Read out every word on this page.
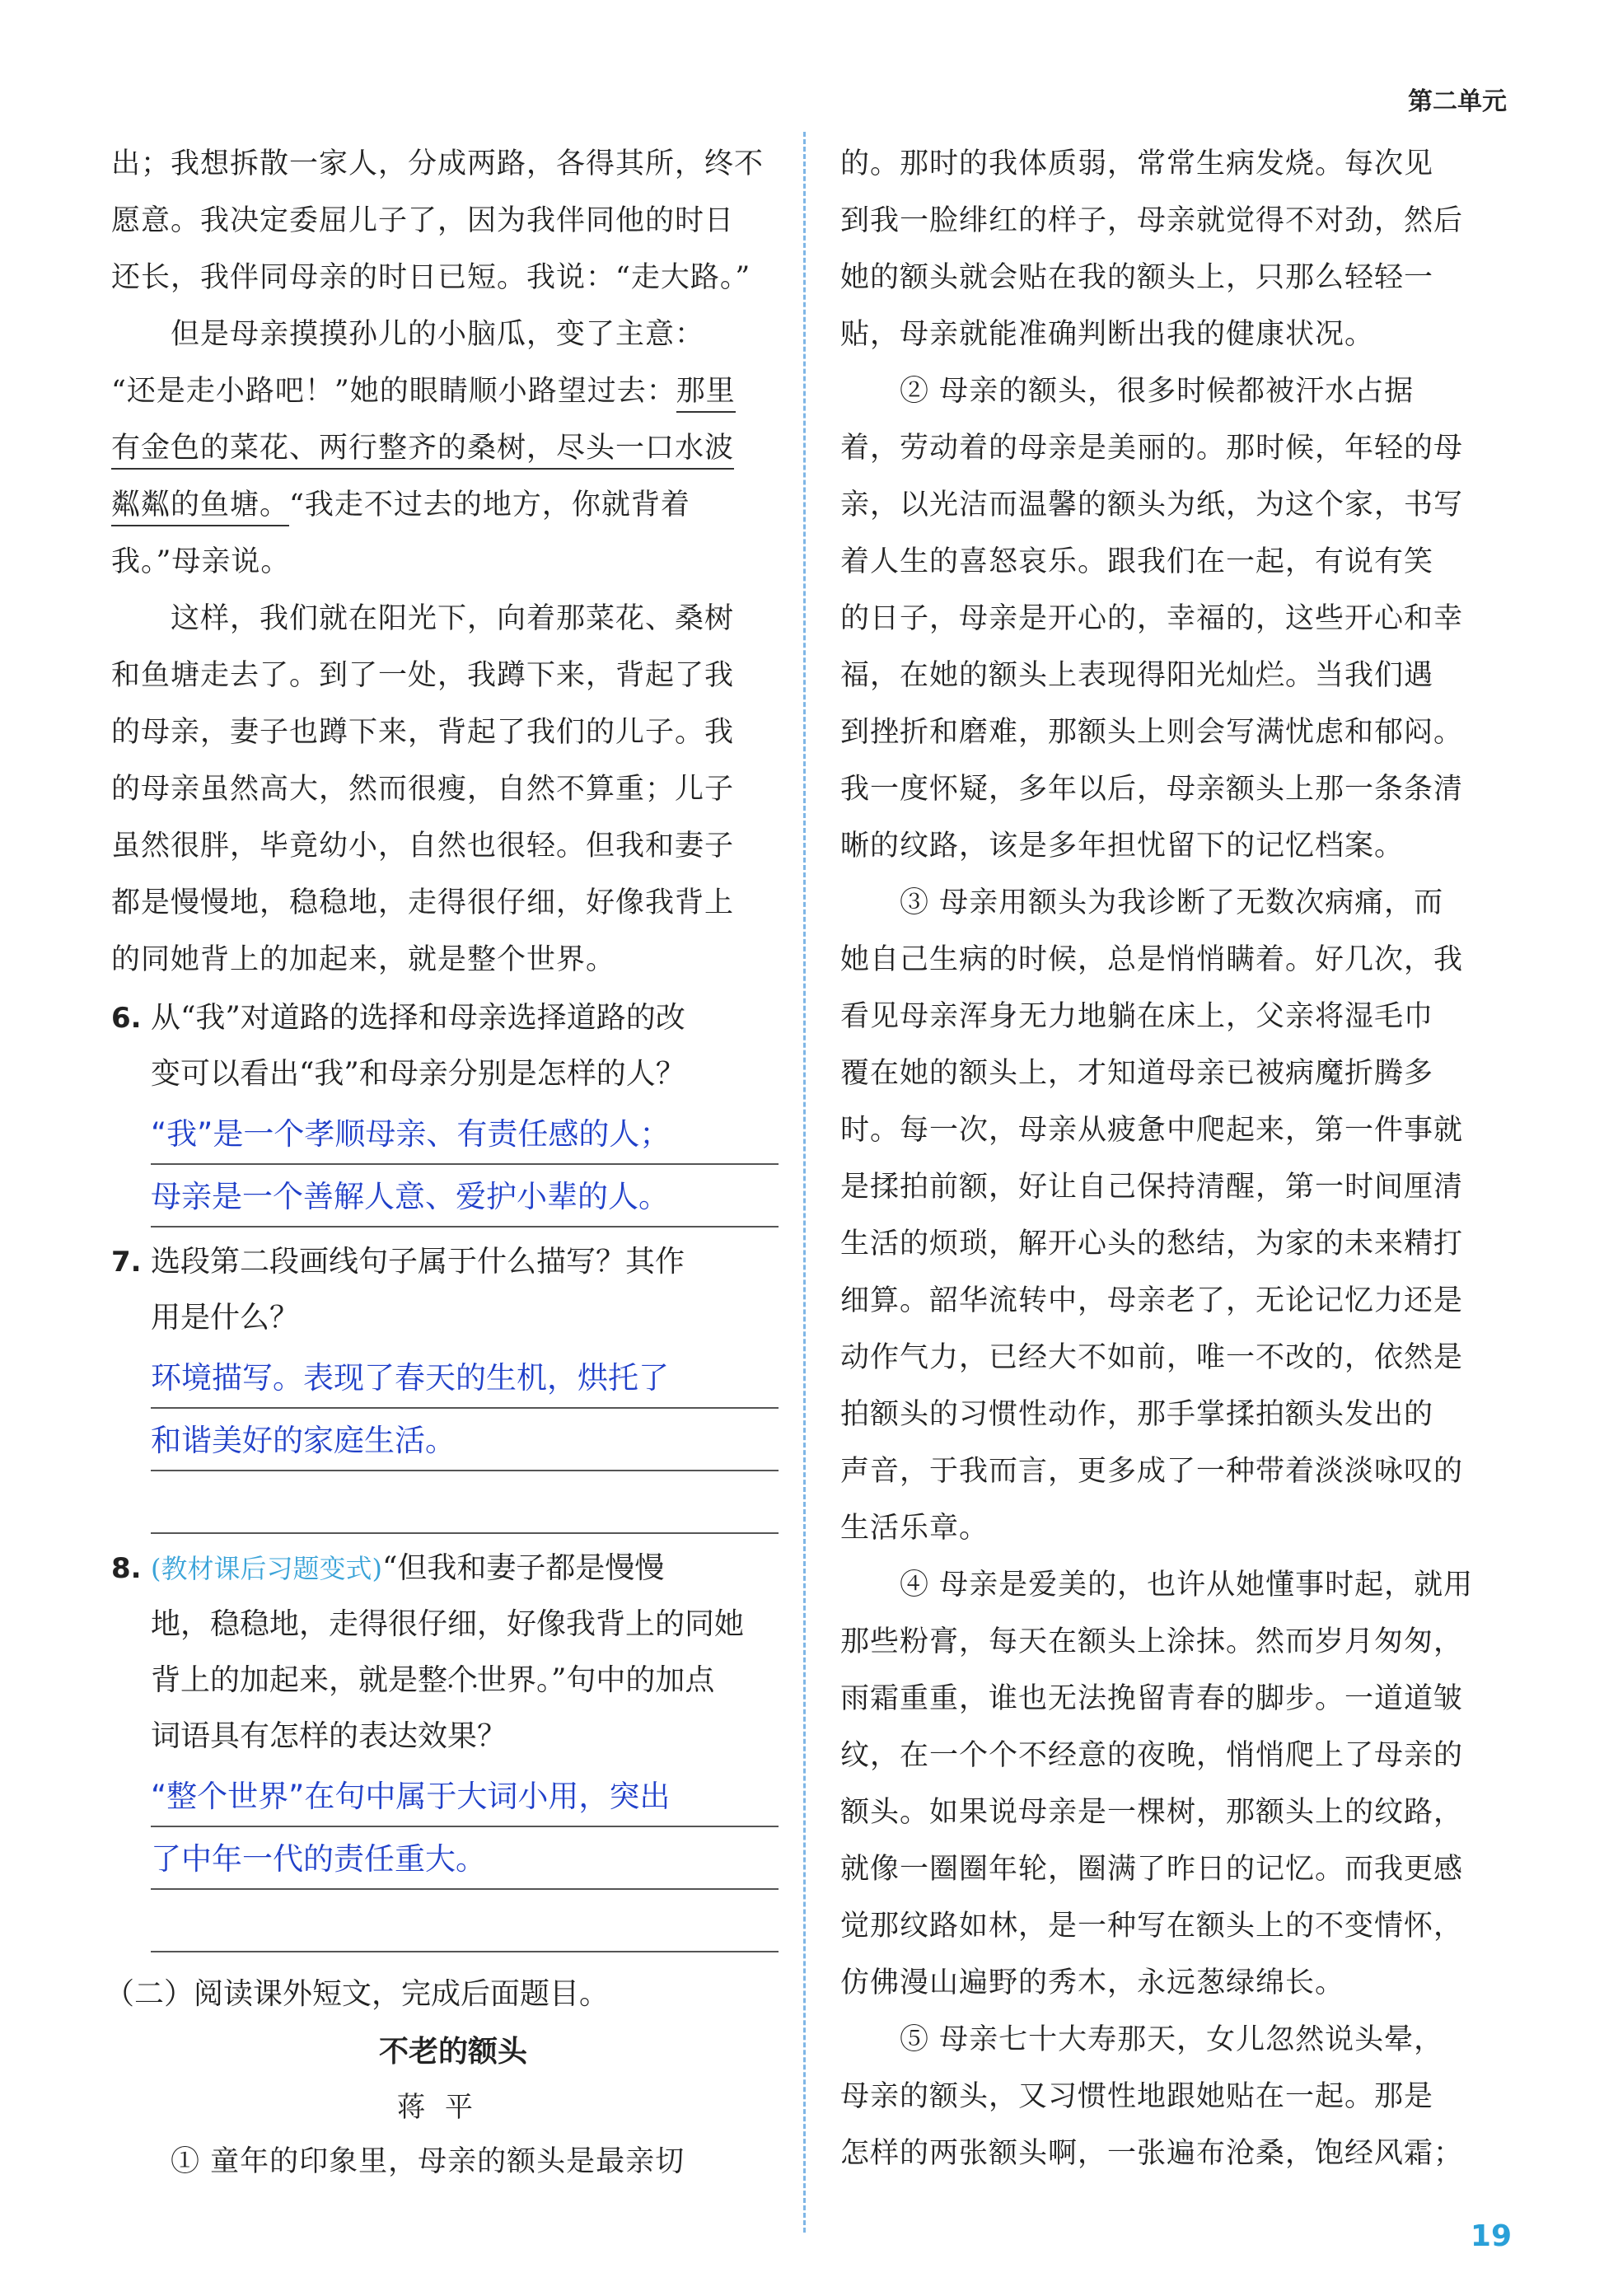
第二单元

出；我想拆散一家人，分成两路，各得其所，终不
愿意。我决定委屈儿子了，因为我伴同他的时日
还长，我伴同母亲的时日已短。我说：“走大路。”

但是母亲摸摸孙儿的小脑瓜，变了主意：
“还是走小路吧！”她的眼睛顺小路望过去：那里
有金色的菜花、两行整齐的桑树，尽头一口水波
粼粼的鱼塘。“我走不过去的地方，你就背着
我。”母亲说。

这样，我们就在阳光下，向着那菜花、桑树
和鱼塘走去了。到了一处，我蹲下来，背起了我
的母亲，妻子也蹲下来，背起了我们的儿子。我
的母亲虽然高大，然而很瘦，自然不算重；儿子
虽然很胖，毕竟幼小，自然也很轻。但我和妻子
都是慢慢地，稳稳地，走得很仔细，好像我背上
的同她背上的加起来，就是整个世界。

6. 从“我”对道路的选择和母亲选择道路的改
变可以看出“我”和母亲分别是怎样的人？
“我”是一个孝顺母亲、有责任感的人；
母亲是一个善解人意、爱护小辈的人。
7. 选段第二段画线句子属于什么描写？其作
用是什么？
环境描写。表现了春天的生机，烘托了
和谐美好的家庭生活。
8. (教材课后习题变式)“但我和妻子都是慢慢
地，稳稳地，走得很仔细，好像我背上的同她
背上的加起来，就是整个世界 •   •。”句中的加点
词语具有怎样的表达效果？
“整个世界”在句中属于大词小用，突出
了中年一代的责任重大。
（二）阅读课外短文，完成后面题目。
不老的额头
蒋平

① 童年的印象里，母亲的额头是最亲切

的。那时的我体质弱，常常生病发烧。每次见
到我一脸绯红的样子，母亲就觉得不对劲，然后
她的额头就会贴在我的额头上，只那么轻轻一
贴，母亲就能准确判断出我的健康状况。

② 母亲的额头，很多时候都被汗水占据
着，劳动着的母亲是美丽的。那时候，年轻的母
亲，以光洁而温馨的额头为纸，为这个家，书写
着人生的喜怒哀乐。跟我们在一起，有说有笑
的日子，母亲是开心的，幸福的，这些开心和幸
福，在她的额头上表现得阳光灿烂。当我们遇
到挫折和磨难，那额头上则会写满忧虑和郁闷。
我一度怀疑，多年以后，母亲额头上那一条条清
晰的纹路，该是多年担忧留下的记忆档案。

③ 母亲用额头为我诊断了无数次病痛，而
她自己生病的时候，总是悄悄瞒着。好几次，我
看见母亲浑身无力地躺在床上，父亲将湿毛巾
覆在她的额头上，才知道母亲已被病魔折腾多
时。每一次，母亲从疲惫中爬起来，第一件事就
是揉拍前额，好让自己保持清醒，第一时间厘清
生活的烦琐，解开心头的愁结，为家的未来精打
细算。韶华流转中，母亲老了，无论记忆力还是
动作气力，已经大不如前，唯一不改的，依然是
拍额头的习惯性动作，那手掌揉拍额头发出的
声音，于我而言，更多成了一种带着淡淡咏叹的
生活乐章。

④ 母亲是爱美的，也许从她懂事时起，就用
那些粉膏，每天在额头上涂抹。然而岁月匆匆，
雨霜重重，谁也无法挽留青春的脚步。一道道皱
纹，在一个个不经意的夜晚，悄悄爬上了母亲的
额头。如果说母亲是一棵树，那额头上的纹路，
就像一圈圈年轮，圈满了昨日的记忆。而我更感
觉那纹路如林，是一种写在额头上的不变情怀，
仿佛漫山遍野的秀木，永远葱绿绵长。

⑤ 母亲七十大寿那天，女儿忽然说头晕，
母亲的额头，又习惯性地跟她贴在一起。那是
怎样的两张额头啊，一张遍布沧桑，饱经风霜；

19
